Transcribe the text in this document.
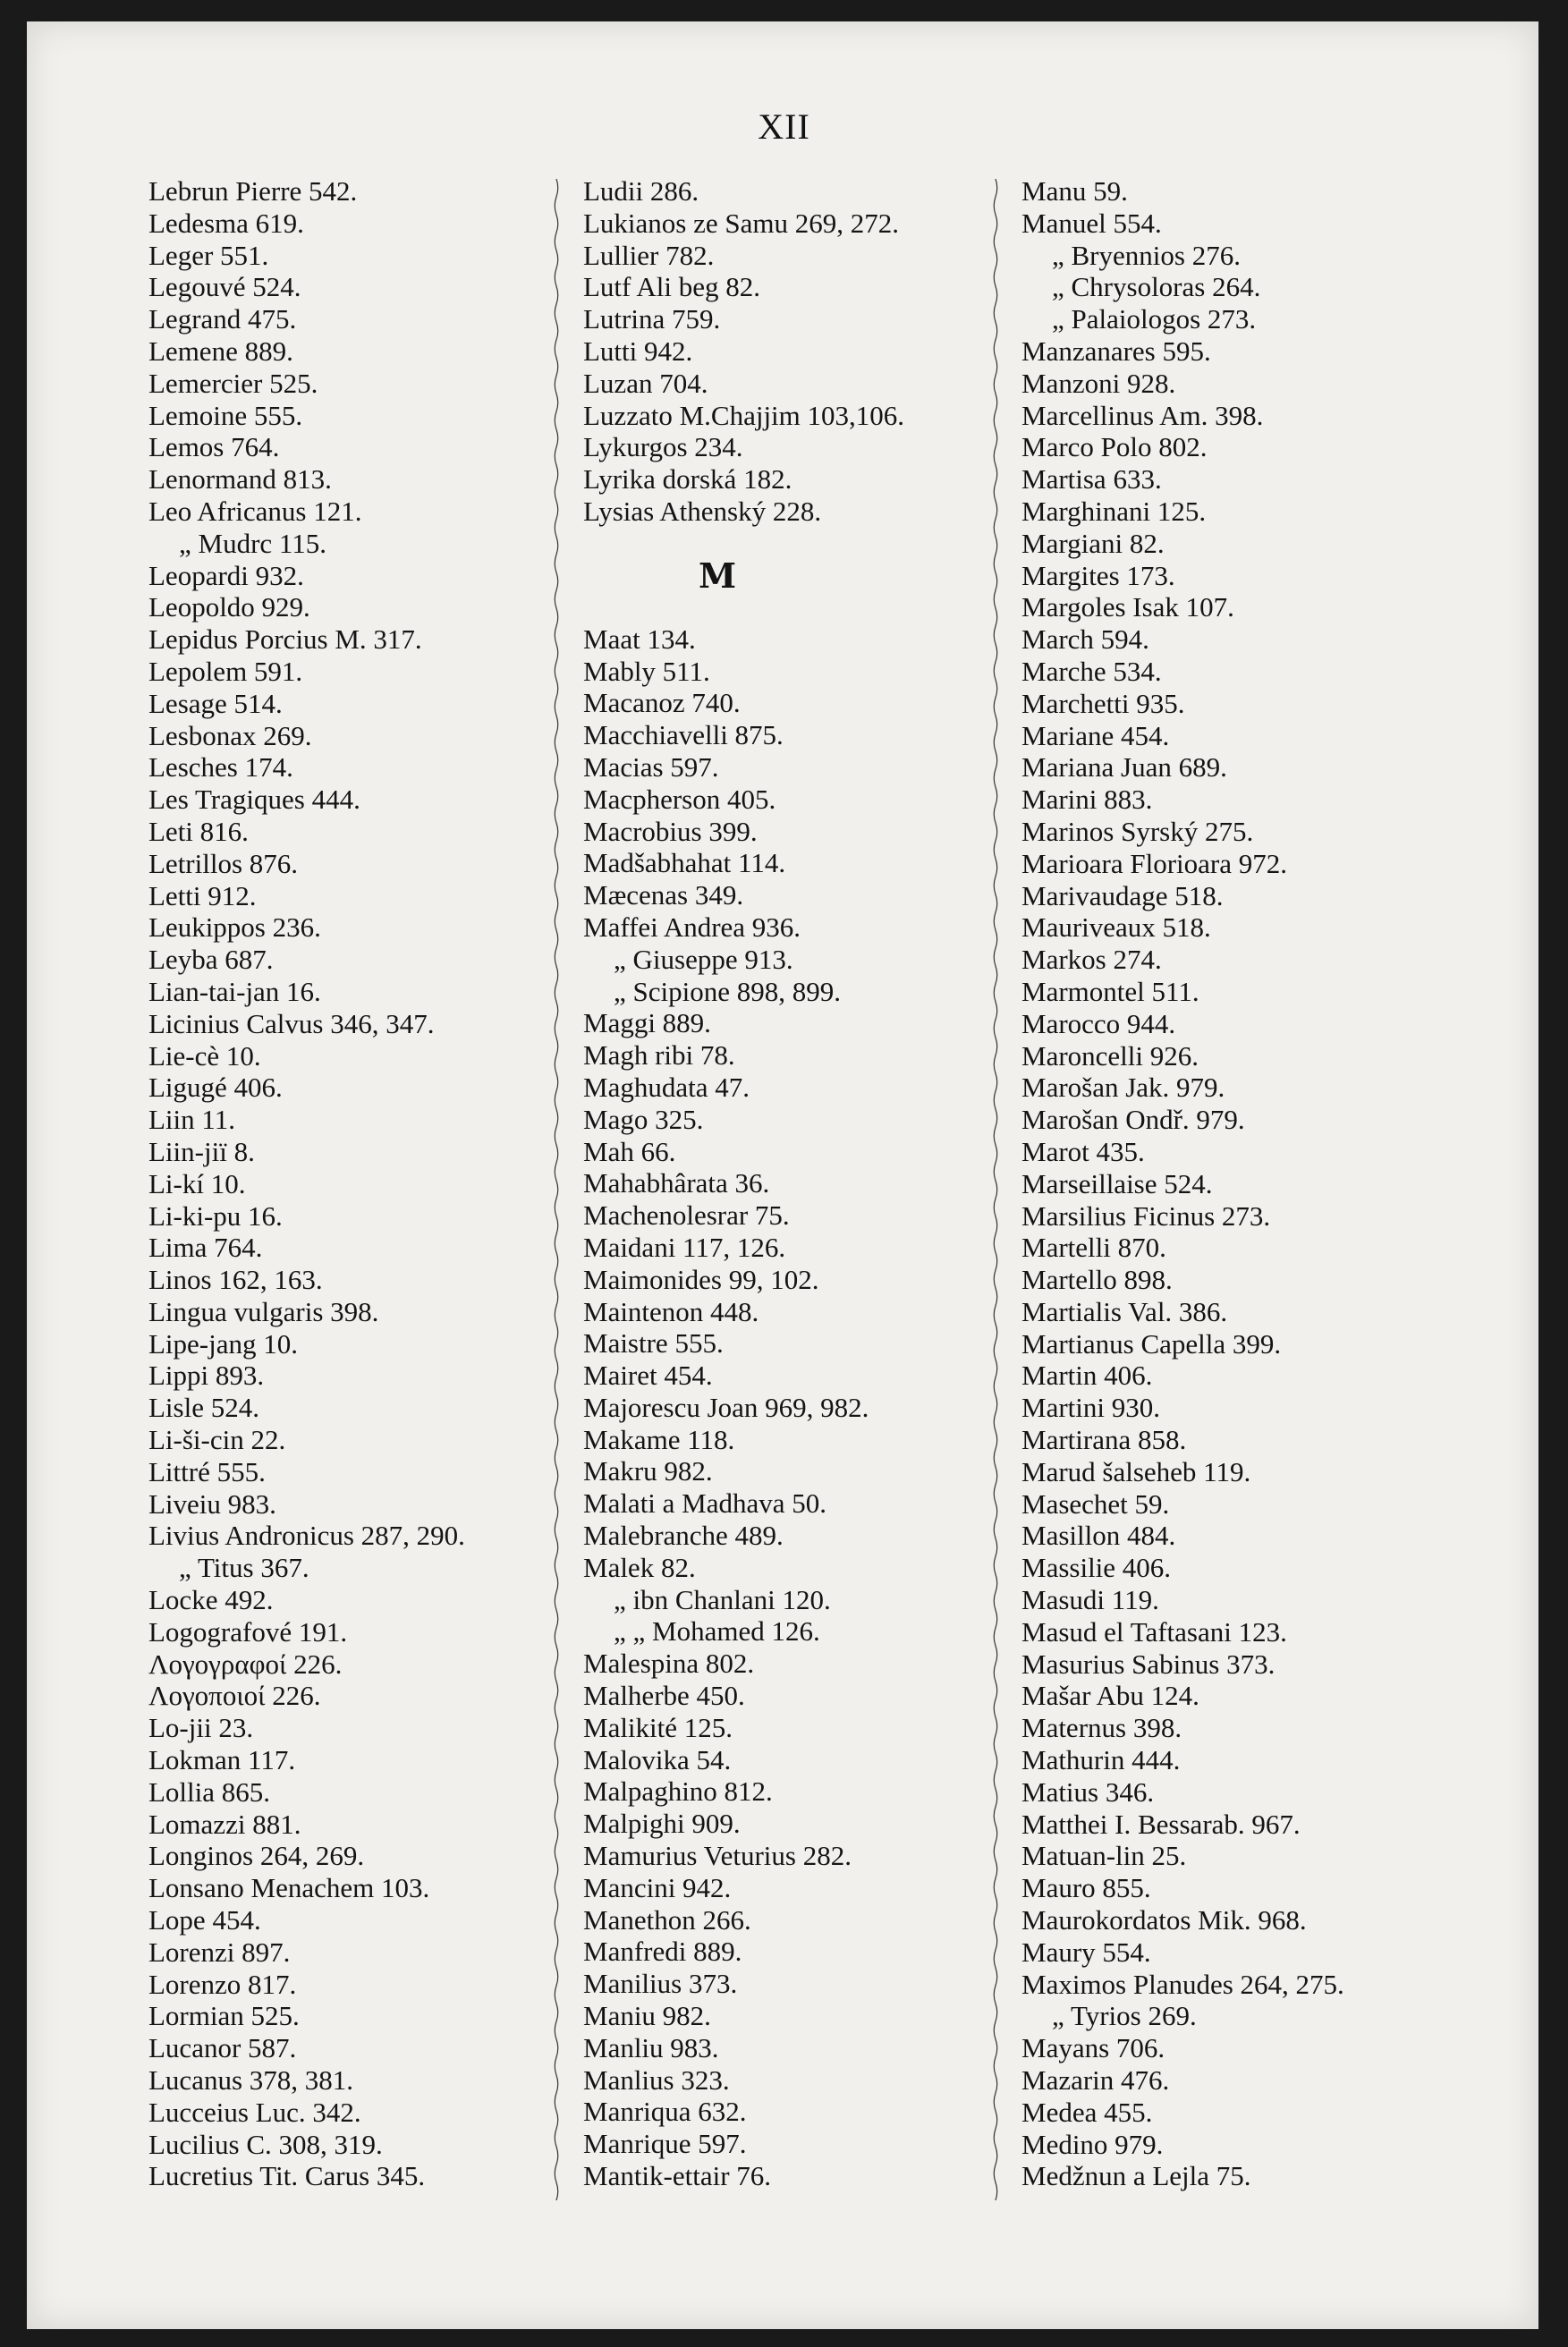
XII
Lebrun Pierre 542.
Ledesma 619.
Leger 551.
Legouvé 524.
Legrand 475.
Lemene 889.
Lemercier 525.
Lemoine 555.
Lemos 764.
Lenormand 813.
Leo Africanus 121.
„ Mudrc 115.
Leopardi 932.
Leopoldo 929.
Lepidus Porcius M. 317.
Lepolem 591.
Lesage 514.
Lesbonax 269.
Lesches 174.
Les Tragiques 444.
Leti 816.
Letrillos 876.
Letti 912.
Leukippos 236.
Leyba 687.
Lian-tai-jan 16.
Licinius Calvus 346, 347.
Lie-cè 10.
Ligugé 406.
Liin 11.
Liin-jiï 8.
Li-kí 10.
Li-ki-pu 16.
Lima 764.
Linos 162, 163.
Lingua vulgaris 398.
Lipe-jang 10.
Lippi 893.
Lisle 524.
Li-ši-cin 22.
Littré 555.
Liveiu 983.
Livius Andronicus 287, 290.
„ Titus 367.
Locke 492.
Logografové 191.
Λογογραφοί 226.
Λογοποιοί 226.
Lo-jii 23.
Lokman 117.
Lollia 865.
Lomazzi 881.
Longinos 264, 269.
Lonsano Menachem 103.
Lope 454.
Lorenzi 897.
Lorenzo 817.
Lormian 525.
Lucanor 587.
Lucanus 378, 381.
Lucceius Luc. 342.
Lucilius C. 308, 319.
Lucretius Tit. Carus 345.
Ludii 286.
Lukianos ze Samu 269, 272.
Lullier 782.
Lutf Ali beg 82.
Lutrina 759.
Lutti 942.
Luzan 704.
Luzzato M.Chajjim 103,106.
Lykurgos 234.
Lyrika dorská 182.
Lysias Athenský 228.
M
Maat 134.
Mably 511.
Macanoz 740.
Macchiavelli 875.
Macias 597.
Macpherson 405.
Macrobius 399.
Madšabhahat 114.
Mæcenas 349.
Maffei Andrea 936.
„ Giuseppe 913.
„ Scipione 898, 899.
Maggi 889.
Magh ribi 78.
Maghudata 47.
Mago 325.
Mah 66.
Mahabhârata 36.
Machenolesrar 75.
Maidani 117, 126.
Maimonides 99, 102.
Maintenon 448.
Maistre 555.
Mairet 454.
Majorescu Joan 969, 982.
Makame 118.
Makru 982.
Malati a Madhava 50.
Malebranche 489.
Malek 82.
„ ibn Chanlani 120.
„ „ Mohamed 126.
Malespina 802.
Malherbe 450.
Malikité 125.
Malovika 54.
Malpaghino 812.
Malpighi 909.
Mamurius Veturius 282.
Mancini 942.
Manethon 266.
Manfredi 889.
Manilius 373.
Maniu 982.
Manliu 983.
Manlius 323.
Manriqua 632.
Manrique 597.
Mantik-ettair 76.
Manu 59.
Manuel 554.
„ Bryennios 276.
„ Chrysoloras 264.
„ Palaiologos 273.
Manzanares 595.
Manzoni 928.
Marcellinus Am. 398.
Marco Polo 802.
Martisa 633.
Marghinani 125.
Margiani 82.
Margites 173.
Margoles Isak 107.
March 594.
Marche 534.
Marchetti 935.
Mariane 454.
Mariana Juan 689.
Marini 883.
Marinos Syrský 275.
Marioara Florioara 972.
Marivaudage 518.
Mauriveaux 518.
Markos 274.
Marmontel 511.
Marocco 944.
Maroncelli 926.
Marošan Jak. 979.
Marošan Ondř. 979.
Marot 435.
Marseillaise 524.
Marsilius Ficinus 273.
Martelli 870.
Martello 898.
Martialis Val. 386.
Martianus Capella 399.
Martin 406.
Martini 930.
Martirana 858.
Marud šalseheb 119.
Masechet 59.
Masillon 484.
Massilie 406.
Masudi 119.
Masud el Taftasani 123.
Masurius Sabinus 373.
Mašar Abu 124.
Maternus 398.
Mathurin 444.
Matius 346.
Matthei I. Bessarab. 967.
Matuan-lin 25.
Mauro 855.
Maurokordatos Mik. 968.
Maury 554.
Maximos Planudes 264, 275.
„ Tyrios 269.
Mayans 706.
Mazarin 476.
Medea 455.
Medino 979.
Medžnun a Lejla 75.
